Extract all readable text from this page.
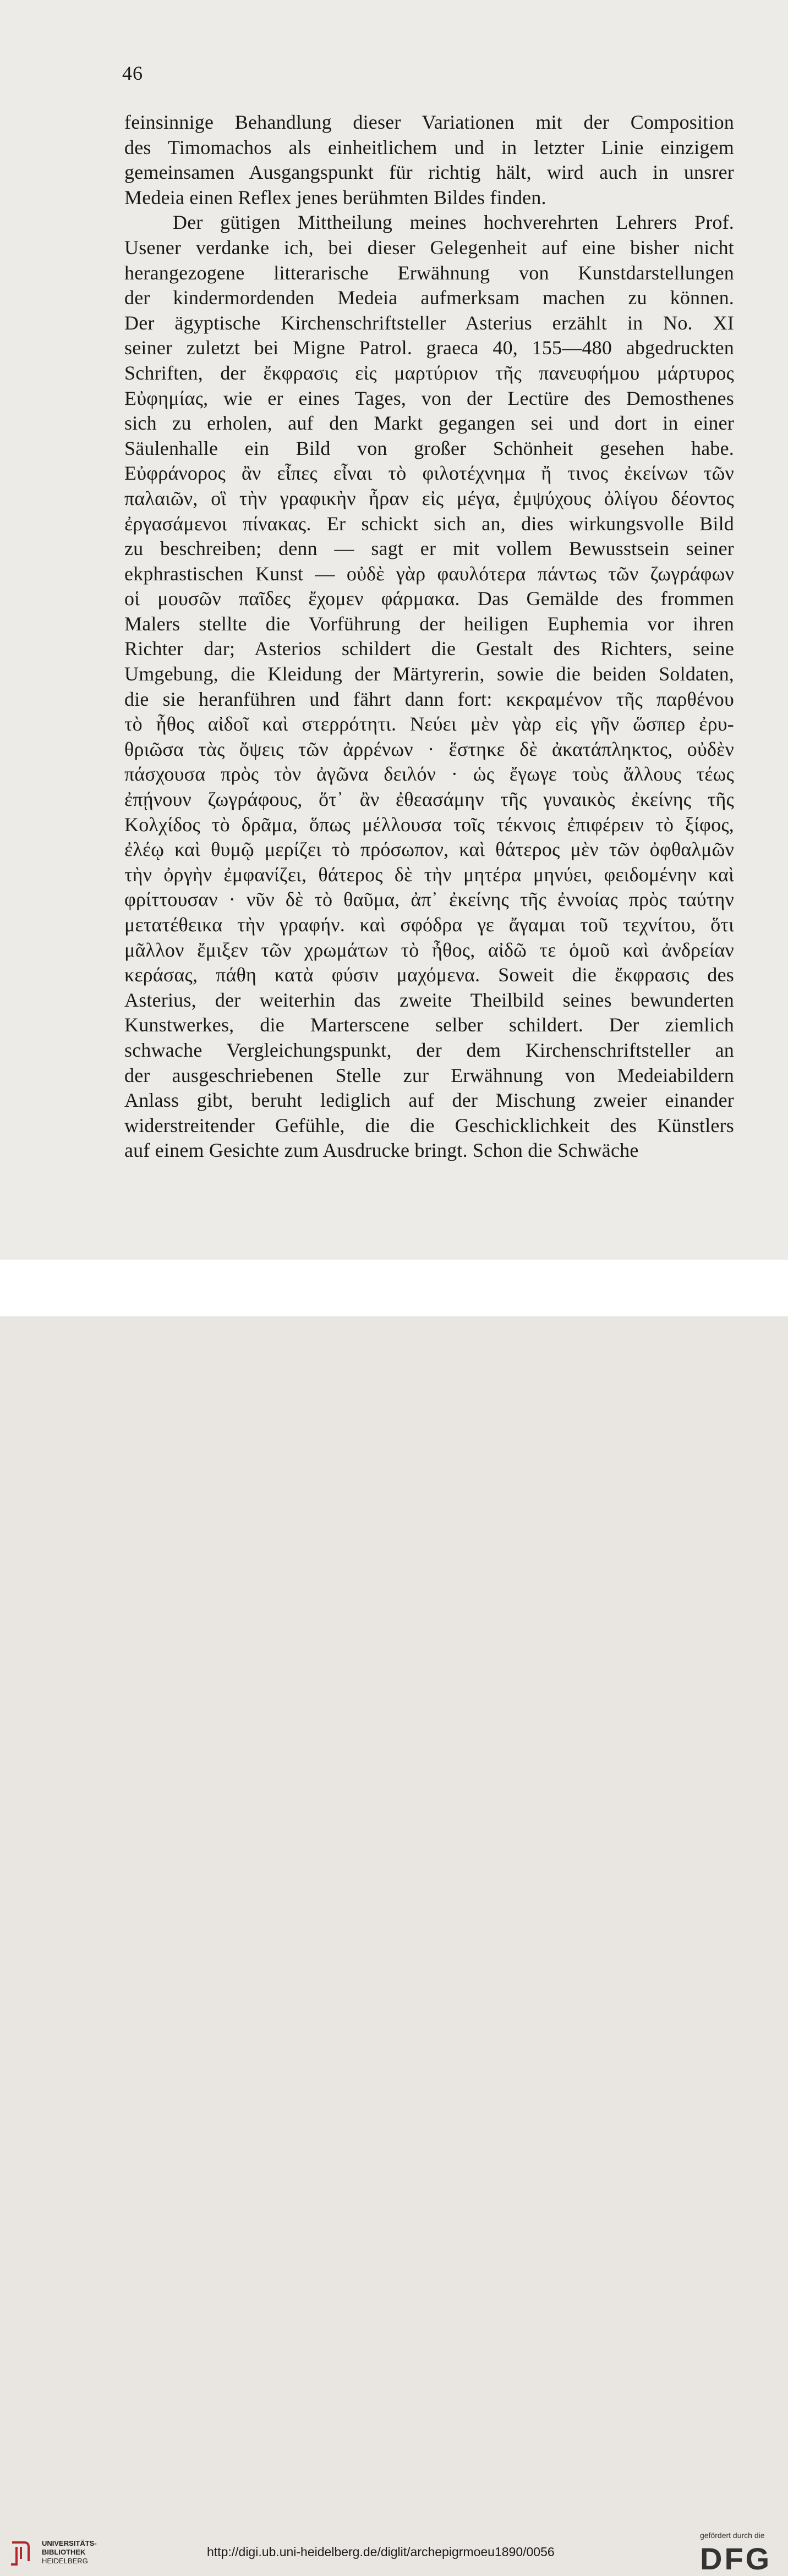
46
feinsinnige Behandlung dieser Variationen mit der Composition
des Timomachos als einheitlichem und in letzter Linie einzigem
gemeinsamen Ausgangspunkt für richtig hält, wird auch in unsrer
Medeia einen Reflex jenes berühmten Bildes finden.
Der gütigen Mittheilung meines hochverehrten Lehrers Prof.
Usener verdanke ich, bei dieser Gelegenheit auf eine bisher nicht
herangezogene litterarische Erwähnung von Kunstdarstellungen
der kindermordenden Medeia aufmerksam machen zu können.
Der ägyptische Kirchenschriftsteller Asterius erzählt in No. XI
seiner zuletzt bei Migne Patrol. graeca 40, 155—480 abgedruckten
Schriften, der ἔκφρασις εἰς μαρτύριον τῆς πανευφήμου μάρτυρος
Εὐφημίας, wie er eines Tages, von der Lectüre des Demosthenes
sich zu erholen, auf den Markt gegangen sei und dort in einer
Säulenhalle ein Bild von großer Schönheit gesehen habe.
Εὐφράνορος ἂν εἶπες εἶναι τὸ φιλοτέχνημα ἤ τινος ἐκείνων τῶν
παλαιῶν, οἳ τὴν γραφικὴν ἦραν εἰς μέγα, ἐμψύχους ὀλίγου δέοντος
ἐργασάμενοι πίνακας. Er schickt sich an, dies wirkungsvolle Bild
zu beschreiben; denn — sagt er mit vollem Bewusstsein seiner
ekphrastischen Kunst — οὐδὲ γὰρ φαυλότερα πάντως τῶν ζωγράφων
οἱ μουσῶν παῖδες ἔχομεν φάρμακα. Das Gemälde des frommen
Malers stellte die Vorführung der heiligen Euphemia vor ihren
Richter dar; Asterios schildert die Gestalt des Richters, seine
Umgebung, die Kleidung der Märtyrerin, sowie die beiden Soldaten,
die sie heranführen und fährt dann fort: κεκραμένον τῆς παρθένου
τὸ ἦθος αἰδοῖ καὶ στερρότητι. Νεύει μὲν γὰρ εἰς γῆν ὥσπερ ἐρυ-
θριῶσα τὰς ὄψεις τῶν ἀρρένων · ἕστηκε δὲ ἀκατάπληκτος, οὐδὲν
πάσχουσα πρὸς τὸν ἀγῶνα δειλόν · ὡς ἔγωγε τοὺς ἄλλους τέως
ἐπῄνουν ζωγράφους, ὅτ᾽ ἂν ἐθεασάμην τῆς γυναικὸς ἐκείνης τῆς
Κολχίδος τὸ δρᾶμα, ὅπως μέλλουσα τοῖς τέκνοις ἐπιφέρειν τὸ ξίφος,
ἐλέῳ καὶ θυμῷ μερίζει τὸ πρόσωπον, καὶ θάτερος μὲν τῶν ὀφθαλμῶν
τὴν ὀργὴν ἐμφανίζει, θάτερος δὲ τὴν μητέρα μηνύει, φειδομένην καὶ
φρίττουσαν · νῦν δὲ τὸ θαῦμα, ἀπ᾽ ἐκείνης τῆς ἐννοίας πρὸς ταύτην
μετατέθεικα τὴν γραφήν. καὶ σφόδρα γε ἄγαμαι τοῦ τεχνίτου, ὅτι
μᾶλλον ἔμιξεν τῶν χρωμάτων τὸ ἦθος, αἰδῶ τε ὁμοῦ καὶ ἀνδρείαν
κεράσας, πάθη κατὰ φύσιν μαχόμενα. Soweit die ἔκφρασις des
Asterius, der weiterhin das zweite Theilbild seines bewunderten
Kunstwerkes, die Marterscene selber schildert. Der ziemlich
schwache Vergleichungspunkt, der dem Kirchenschriftsteller an
der ausgeschriebenen Stelle zur Erwähnung von Medeiabildern
Anlass gibt, beruht lediglich auf der Mischung zweier einander
widerstreitender Gefühle, die die Geschicklichkeit des Künstlers
auf einem Gesichte zum Ausdrucke bringt. Schon die Schwäche
UNIVERSITÄTS-
BIBLIOTHEK
HEIDELBERG
http://digi.ub.uni-heidelberg.de/diglit/archepigrmoeu1890/0056
gefördert durch die
DFG
